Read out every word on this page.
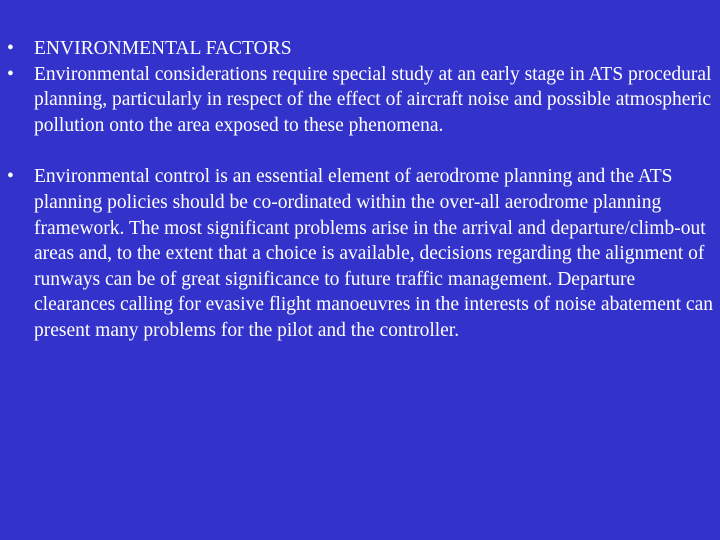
• ENVIRONMENTAL FACTORS
• Environmental considerations require special study at an early stage in ATS procedural planning, particularly in respect of the effect of aircraft noise and possible atmospheric pollution onto the area exposed to these phenomena.
• Environmental control is an essential element of aerodrome planning and the ATS planning policies should be co-ordinated within the over-all aerodrome planning framework. The most significant problems arise in the arrival and departure/climb-out areas and, to the extent that a choice is available, decisions regarding the alignment of runways can be of great significance to future traffic management. Departure clearances calling for evasive flight manoeuvres in the interests of noise abatement can present many problems for the pilot and the controller.
